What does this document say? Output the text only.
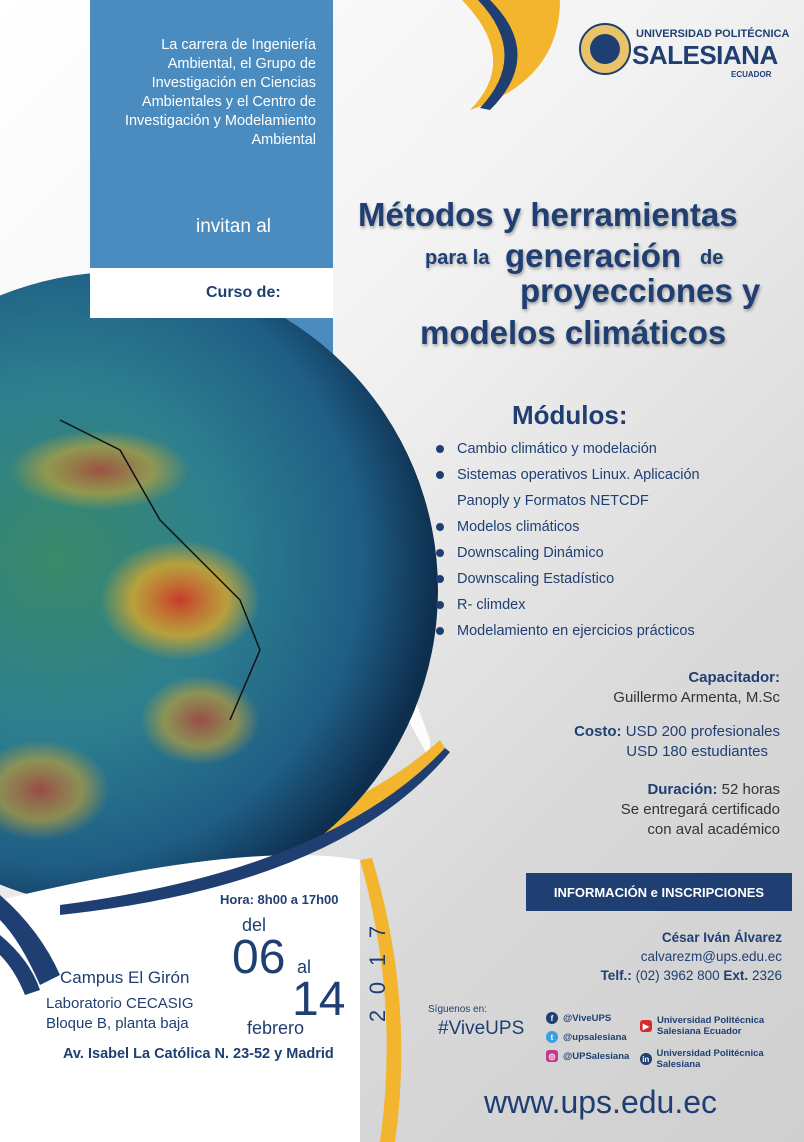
UNIVERSIDAD POLITÉCNICA
SALESIANA
ECUADOR
La carrera de Ingeniería Ambiental, el Grupo de Investigación en Ciencias Ambientales y el Centro de Investigación y Modelamiento Ambiental
invitan al
Curso de:
Métodos y herramientas
para la generación de
proyecciones y
modelos climáticos
Módulos:
Cambio climático y modelación
Sistemas operativos Linux. Aplicación Panoply y Formatos NETCDF
Modelos climáticos
Downscaling Dinámico
Downscaling Estadístico
R- climdex
Modelamiento en ejercicios prácticos
Capacitador:
Guillermo Armenta, M.Sc
Costo: USD 200 profesionales
USD 180 estudiantes
Duración: 52 horas
Se entregará certificado
con aval académico
INFORMACIÓN e INSCRIPCIONES
César Iván Álvarez
calvarezm@ups.edu.ec
Telf.: (02) 3962 800 Ext. 2326
Hora: 8h00 a 17h00
del
06 al
14
febrero
7
1
0
2
Campus El Girón
Laboratorio CECASIG
Bloque B, planta baja
Av. Isabel La Católica N. 23-52 y Madrid
Síguenos en:
#ViveUPS	f	@ViveUPS
t	@upsalesiana
◎ @UPSalesiana
▶ Universidad Politécnica
Salesiana Ecuador
in Universidad Politécnica Salesiana
www.ups.edu.ec
